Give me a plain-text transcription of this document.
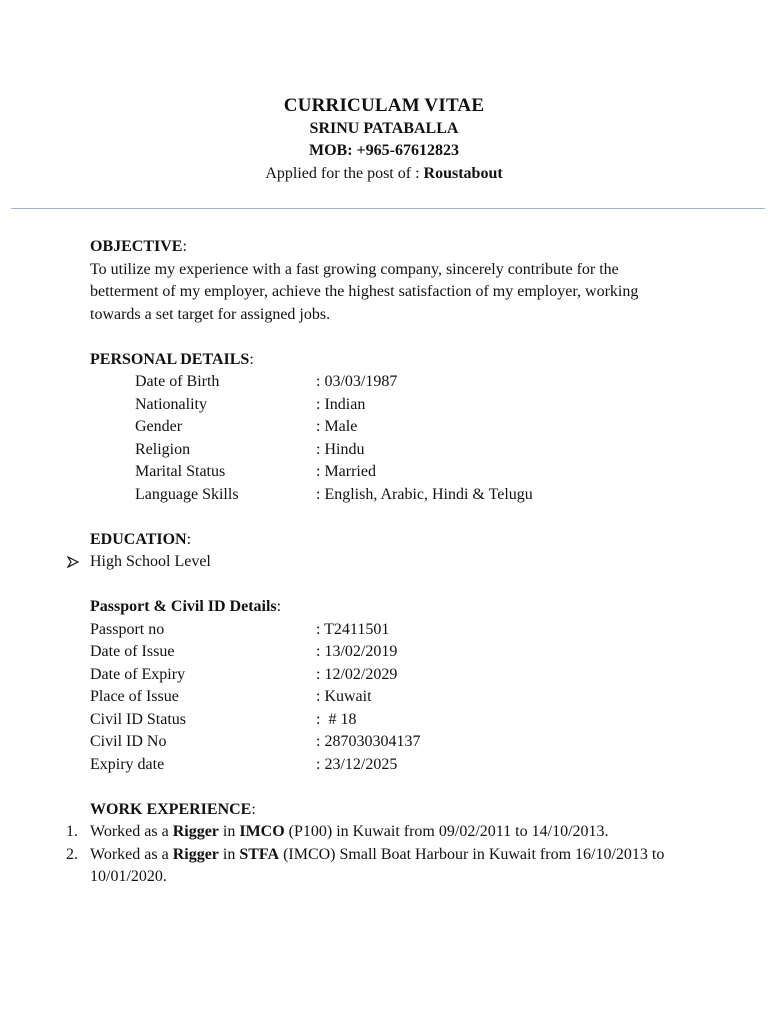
CURRICULAM VITAE
SRINU PATABALLA
MOB: +965-67612823
Applied for the post of : Roustabout
OBJECTIVE:

To utilize my experience with a fast growing company, sincerely contribute for the betterment of my employer, achieve the highest satisfaction of my employer, working towards a set target for assigned jobs.

PERSONAL DETAILS:
Date of Birth	: 03/03/1987
Nationality	: Indian
Gender	: Male
Religion	: Hindu
Marital Status	: Married
Language Skills	: English, Arabic, Hindi & Telugu
EDUCATION:
High School Level
Passport & Civil ID Details:
Passport no	: T2411501
Date of Issue	: 13/02/2019
Date of Expiry	: 12/02/2029
Place of Issue	: Kuwait
Civil ID Status	:  # 18
Civil ID No	: 287030304137
Expiry date	: 23/12/2025
WORK EXPERIENCE:
1. Worked as a Rigger in IMCO (P100) in Kuwait from 09/02/2011 to 14/10/2013.
2. Worked as a Rigger in STFA (IMCO) Small Boat Harbour in Kuwait from 16/10/2013 to 10/01/2020.
